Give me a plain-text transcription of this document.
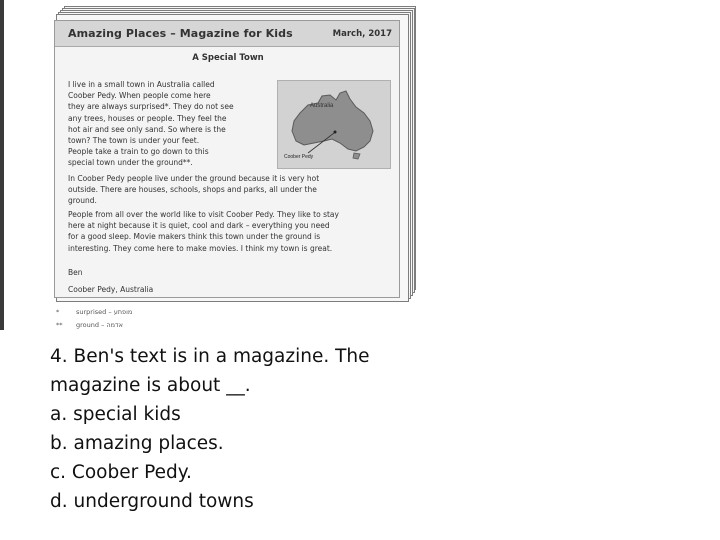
Amazing Places – Magazine for Kids	March, 2017
A Special Town
Australia
Coober Pedy
I live in a small town in Australia called
Coober Pedy. When people come here
they are always surprised*. They do not see
any trees, houses or people. They feel the
hot air and see only sand. So where is the
town? The town is under your feet.
People take a train to go down to this
special town under the ground**.
In Coober Pedy people live under the ground because it is very hot
outside. There are houses, schools, shops and parks, all under the
ground.
People from all over the world like to visit Coober Pedy. They like to stay
here at night because it is quiet, cool and dark – everything you need
for a good sleep. Movie makers think this town under the ground is
interesting. They come here to make movies. I think my town is great.
Ben
Coober Pedy, Australia
*	surprised – מופתע
** ground – אדמה
4. Ben's text is in a magazine. The
magazine is about __.
a. special kids
b. amazing places.
c. Coober Pedy.
d. underground towns
